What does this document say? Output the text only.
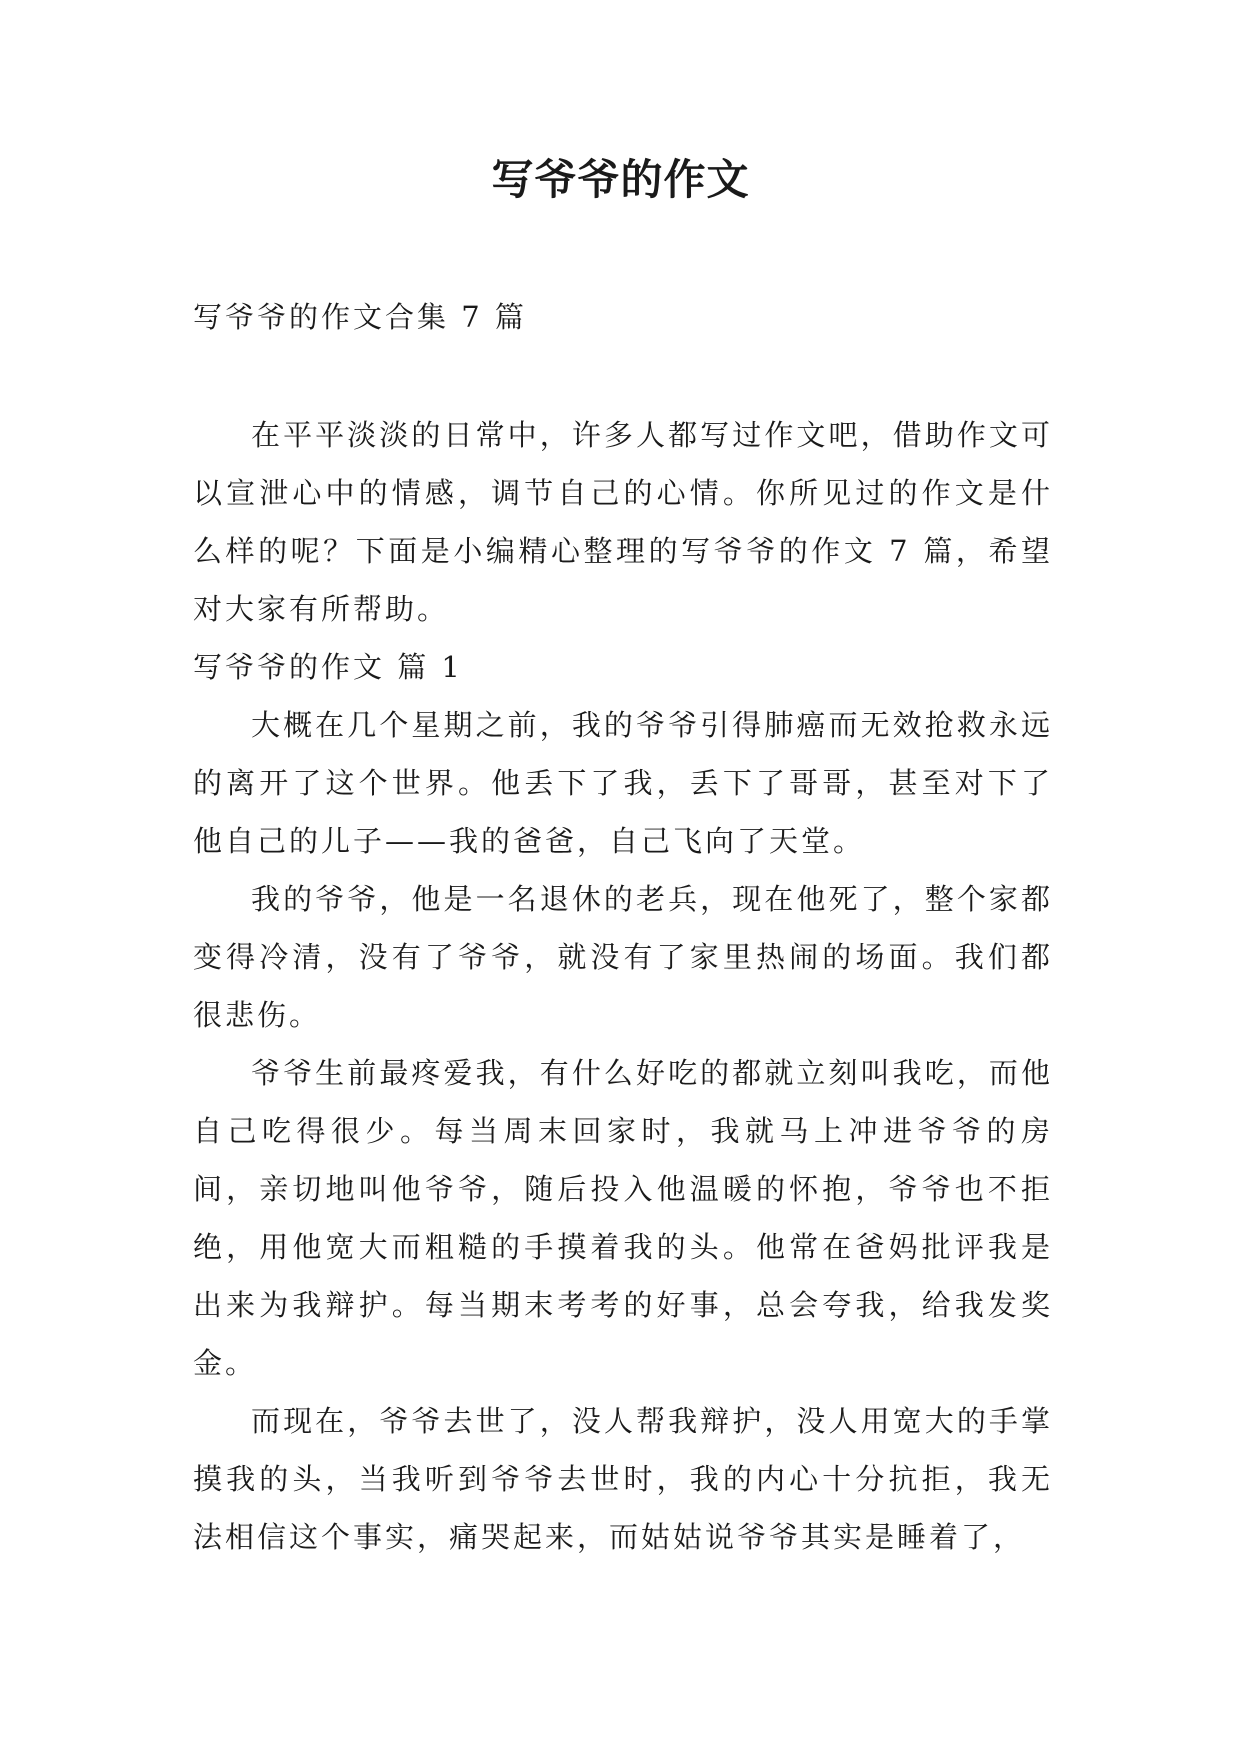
写爷爷的作文
写爷爷的作文合集 7 篇

在平平淡淡的日常中，许多人都写过作文吧，借助作文可以宣泄心中的情感，调节自己的心情。你所见过的作文是什么样的呢？下面是小编精心整理的写爷爷的作文 7 篇，希望对大家有所帮助。

写爷爷的作文 篇 1

大概在几个星期之前，我的爷爷引得肺癌而无效抢救永远的离开了这个世界。他丢下了我，丢下了哥哥，甚至对下了他自己的儿子——我的爸爸，自己飞向了天堂。

我的爷爷，他是一名退休的老兵，现在他死了，整个家都变得冷清，没有了爷爷，就没有了家里热闹的场面。我们都很悲伤。

爷爷生前最疼爱我，有什么好吃的都就立刻叫我吃，而他自己吃得很少。每当周末回家时，我就马上冲进爷爷的房间，亲切地叫他爷爷，随后投入他温暖的怀抱，爷爷也不拒绝，用他宽大而粗糙的手摸着我的头。他常在爸妈批评我是出来为我辩护。每当期末考考的好事，总会夸我，给我发奖金。

而现在，爷爷去世了，没人帮我辩护，没人用宽大的手掌摸我的头，当我听到爷爷去世时，我的内心十分抗拒，我无法相信这个事实，痛哭起来，而姑姑说爷爷其实是睡着了，
